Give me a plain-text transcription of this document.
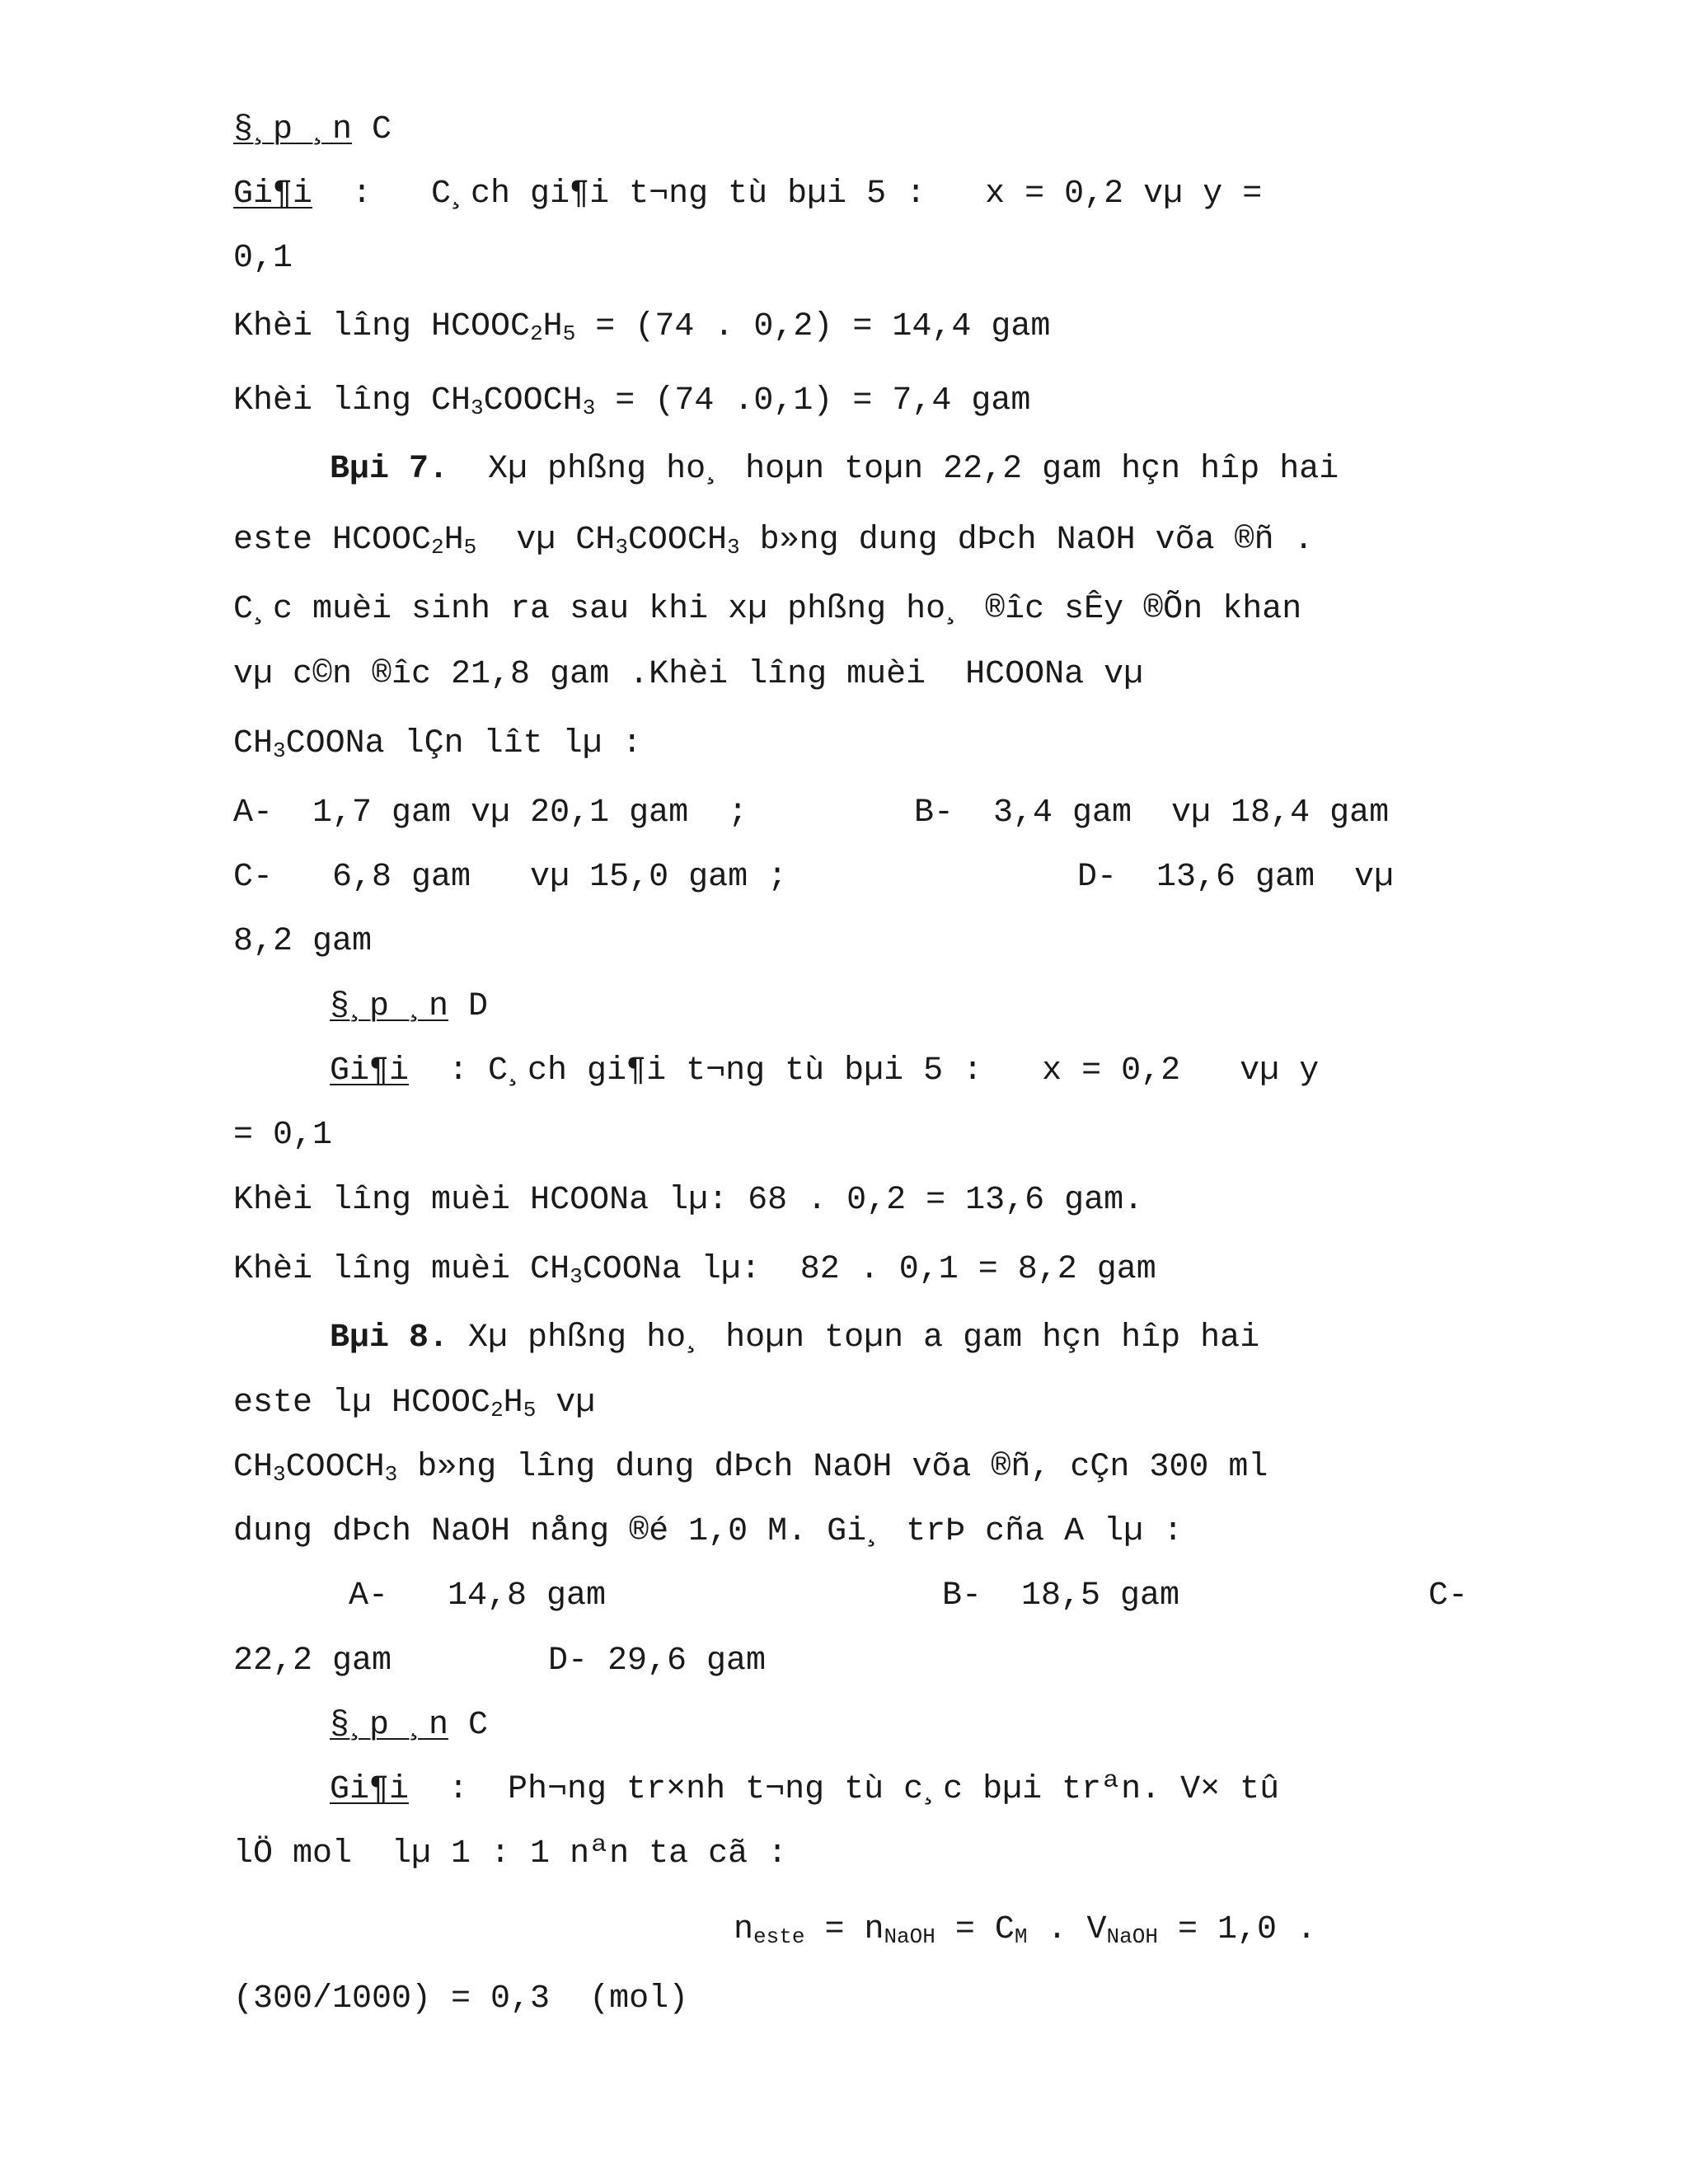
§¸p ¸n C
Gi¶i  :   C¸ch gi¶i t¬ng tù bµi 5 :   x = 0,2 vµ y =
0,1
Khèi lîng $HCOOC_2H_5 = (74$ . 0,2) = 14,4 gam
Khèi lîng $CH_3COOCH_3 = (74$ .0,1) = 7,4 gam
Bµi 7.  Xµ phßng ho¸ hoµn toµn 22,2 gam hçn hîp hai
este $HCOOC_2H_5$  vµ $CH_3COOCH_3$ b»ng dung dÞch NaOH võa ®ñ .
C¸c muèi sinh ra sau khi xµ phßng ho¸ ®îc sÊy ®Õn khan
vµ c©n ®îc 21,8 gam .Khèi lîng muèi  HCOONa vµ
$CH_3COONa$ lÇn lît lµ :

A-  1,7 gam vµ 20,1 gam  ;

	B-  3,4 gam  vµ 18,4 gam

C-   6,8 gam   vµ 15,0 gam ;

	D-  13,6 gam  vµ

8,2 gam
§¸p ¸n D
Gi¶i  : C¸ch gi¶i t¬ng tù bµi 5 :   x = 0,2   vµ y
= 0,1
Khèi lîng muèi HCOONa lµ: 68 . 0,2 = 13,6 gam.
Khèi lîng muèi $CH_3COONa$ lµ:  82 . 0,1 = 8,2 gam
Bµi 8. Xµ phßng ho¸ hoµn toµn a gam hçn hîp hai
este lµ $HCOOC_2H_5$ vµ
$CH_3COOCH_3$ b»ng lîng dung dÞch NaOH võa ®ñ, cÇn 300 ml
dung dÞch NaOH nång ®é 1,0 M. Gi¸ trÞ cña A lµ :

A-   14,8 gam

	B-  18,5 gam

	C-

22,2 gam

	D- 29,6 gam

§¸p ¸n C
Gi¶i  :  Ph¬ng tr×nh t¬ng tù c¸c bµi trªn. V× tû
lÖ mol  lµ 1 : 1 nªn ta cã :
$n_{este} = n_{NaOH} = C_M$ . $V_{NaOH} = 1,0$ .
(300/1000) = 0,3  (mol)
